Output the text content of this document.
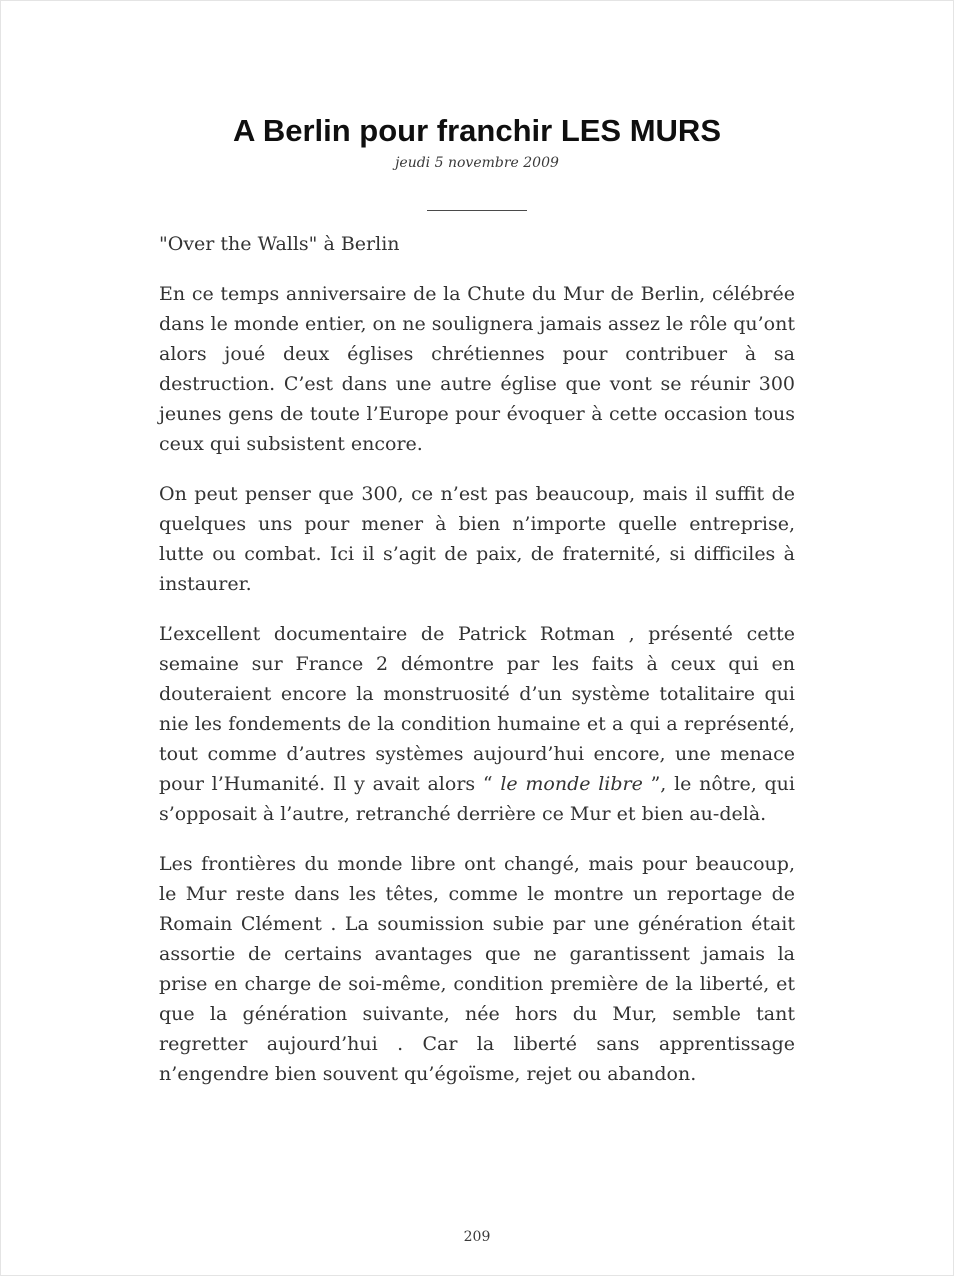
A Berlin pour franchir LES MURS
jeudi 5 novembre 2009

"Over the Walls" à Berlin

En ce temps anniversaire de la Chute du Mur de Berlin, célébrée dans le monde entier, on ne soulignera jamais assez le rôle qu’ont alors joué deux églises chrétiennes pour contribuer à sa destruction. C’est dans une autre église que vont se réunir 300 jeunes gens de toute l’Europe pour évoquer à cette occasion tous ceux qui subsistent encore.

On peut penser que 300, ce n’est pas beaucoup, mais il suffit de quelques uns pour mener à bien n’importe quelle entreprise, lutte ou combat. Ici il s’agit de paix, de fraternité, si difficiles à instaurer.

L’excellent documentaire de Patrick Rotman , présenté cette semaine sur France 2 démontre par les faits à ceux qui en douteraient encore la monstruosité d’un système totalitaire qui nie les fondements de la condition humaine et a qui a représenté, tout comme d’autres systèmes aujourd’hui encore, une menace pour l’Humanité. Il y avait alors “ le monde libre ”, le nôtre, qui s’opposait à l’autre, retranché derrière ce Mur et bien au-delà.

Les frontières du monde libre ont changé, mais pour beaucoup, le Mur reste dans les têtes, comme le montre un reportage de Romain Clément . La soumission subie par une génération était assortie de certains avantages que ne garantissent jamais la prise en charge de soi-même, condition première de la liberté, et que la génération suivante, née hors du Mur, semble tant regretter aujourd’hui . Car la liberté sans apprentissage n’engendre bien souvent qu’égoïsme, rejet ou abandon.

209
